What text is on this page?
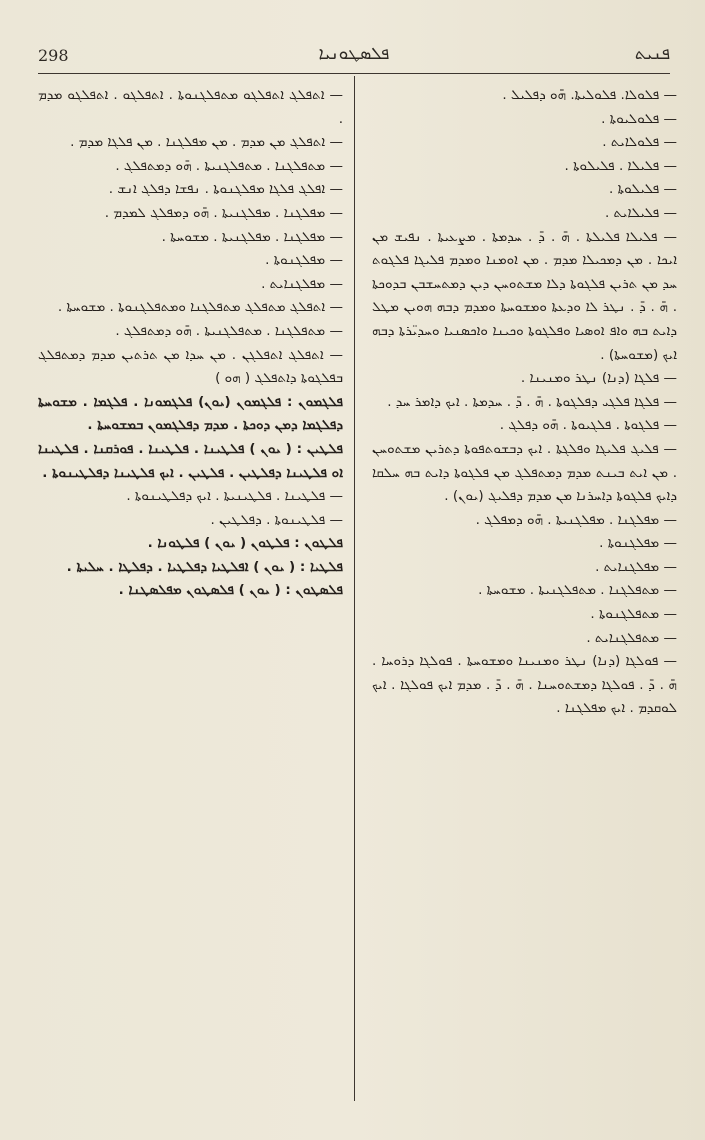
298	ܦܠܣܛܘܢܝܐ	ܦܢܝܬ

— ܦܠܘܠܐ. ܦܠܘܠܝܬܐ. ܗ̄ܘ ܕܦܠܝܠ .

— ܦܠܘܠܝܘܬܐ .

— ܦܠܘܠܐܝܬ .

— ܦܠܝܠܐ . ܦܠܝܠܘܬܐ .

— ܦܠܝܠܘܬܐ .

— ܦܠܝܠܐܝܬ .

— ܦܠܝܠܐ ܦܠܝܠܬܐ . ܗ̄ . ܕ̄ . ܚܕܡܬܐ . ܡܨܥܝܬܐ . ܢܦܝܫ ܡܢ ܐܝܟܐ . ܡܢ ܕܡܟܝܠܐ ܡܕܡ . ܡܢ ܐܘܡܢܐ ܘܡܕܡ ܦܠܝܓܐ ܦܠܓܘܬ ܚܕ ܡܢ ܬܪܝܢ ܦܠܓܘܬܐ ܕܠܐ ܡܫܬܘܚܢ ܕܝܢ ܕܡܬܚܫܒܢ ܒܕܘܟܬܐ . ܗ̄ . ܕ̄ . ܢܛܪ ܠܐ ܘܕܥܬܐ ܘܡܫܘܚܬܐ ܘܡܕܡ ܕܒܗ ܗܘܝܢ ܡܛܠ ܕܐܝܬ ܒܗ ܘܐܦ ܐܘܣܝܐ ܘܦܠܓܘܬܐ ܘܟܝܢܐ ܘܐܟܣܢܝܐ ܘܚܕܝ̈ܪܬܐ ܕܒܗ ܐܝܟ (ܡܫܘܚܬܐ) .

— ܦܠܓܐ (ܕܢܐ) ܢܛܪ ܘܡܢܝܢܐ .

— ܦܠܓܐ ܦܠܓܝ ܕܦܠܓܘܬܐ . ܗ̄ . ܕ̄ . ܚܕܡܬܐ . ܐܝܟ ܕܐܡܪ ܚܕ .

— ܦܠܓܘܬܐ . ܦܠܓܝܘܬܐ . ܗ̄ܘ ܕܦܠܓ .

— ܦܠܝܓ ܦܠܝܓܐ ܘܦܠܓܬܐ . ܐܝܟ ܕܒܫܘܬܦܘܬܐ ܕܬܪܝܢ ܡܫܬܘܚܢ . ܡܢ ܐܝܬ ܒܝܢܬ ܡܕܡ ܕܡܬܦܠܓ ܡܢ ܦܠܓܘܬܐ ܕܐܝܬ ܒܗ ܚܠܩܐ ܕܐܝܟ ܦܠܓܘܬܐ ܕܐܚܪܢܐ ܡܢ ܡܕܡ ܕܦܠܝܓ (ܝܘܢ) .

— ܡܦܠܓܢܐ . ܡܦܠܓܢܝܬܐ . ܗ̄ܘ ܕܡܦܠܓ .

— ܡܦܠܓܢܘܬܐ .

— ܡܦܠܓܢܐܝܬ .

— ܡܬܦܠܓܢܐ . ܡܬܦܠܓܢܝܬܐ . ܡܫܘܚܬܐ .

— ܡܬܦܠܓܢܘܬܐ .

— ܡܬܦܠܓܢܐܝܬ .

— ܦܘܠܓܐ (ܕܢܐ) ܢܛܪ ܘܡܢܝܢܐ ܘܡܫܘܚܬܐ . ܦܘܠܓܐ ܕܪܘܚܐ . ܗ̄ . ܕ̄ . ܦܘܠܓܐ ܕܡܫܬܘܚܢܐ . ܗ̄ . ܕ̄ . ܡܕܡ ܐܝܟ ܦܘܠܓܐ . ܐܝܟ ܠܘܩܕܡ . ܐܝܟ ܡܦܠܓܢܐ .

— ܐܬܦܠܓ ܐܬܦܠܓܘ ܡܬܦܠܓܢܘܬܐ . ܐܬܦܠܓܘ . ܐܬܦܠܓܘ ܡܕܡ .

— ܐܬܦܠܓ ܡܢ ܡܕܡ . ܡܢ ܡܦܠܓܢܐ . ܡܢ ܦܠܓܐ ܡܕܡ .

— ܡܬܦܠܓܢܐ . ܡܬܦܠܓܢܝܬܐ . ܗ̄ܘ ܕܡܬܦܠܓ .

— ܐܦܠܓ ܦܠܓܐ ܡܦܠܓܢܘܬܐ . ܢܦܫܐ ܕܦܠܓ ܐܢܫ .

— ܡܦܠܓܢܐ . ܡܦܠܓܢܝܬܐ . ܗ̄ܘ ܕܡܦܠܓ ܠܡܕܡ .

— ܡܦܠܓܢܐ . ܡܦܠܓܢܝܬܐ . ܡܫܘܚܬܐ .

— ܡܦܠܓܢܘܬܐ .

— ܡܦܠܓܢܐܝܬ .

— ܐܬܦܠܓ ܡܬܦܠܓ ܡܬܦܠܓܢܐ ܘܡܬܦܠܓܢܘܬܐ . ܡܫܘܚܬܐ .

— ܡܬܦܠܓܢܐ . ܡܬܦܠܓܢܝܬܐ . ܗ̄ܘ ܕܡܬܦܠܓ .

— ܐܬܦܠܓ ܐܬܦܠܓܢ . ܡܢ ܚܕܐ ܡܢ ܬܪܬܝܢ ܡܕܡ ܕܡܬܦܠܓ ܒܦܠܓܘܬܐ ܕܐܬܦܠܓ ( ܗܘ )

ܦܠܓܡܘܢ : ܦܠܓܡܘܢ (ܝܘܢ) ܦܠܓܡܘܢܐ . ܦܠܓܡܐ . ܡܫܘܚܬܐ ܕܦܠܓܡܐ ܕܡܢ ܕܘܟܬܐ . ܡܕܡ ܕܦܠܓܡܘܢ ܒܡܫܘܚܬܐ .

ܦܠܛܝܢ : ( ܝܘܢ ) ܦܠܛܝܢܐ . ܦܠܛܝܢܐ . ܦܘܪܩܢܐ . ܦܠܛܝܢܐ ܐܘ ܦܠܛܝܢܐ ܕܦܠܛܝܢ . ܦܠܛܝܢ . ܐܝܟ ܦܠܛܝܢܐ ܕܦܠܛܝܢܘܬܐ .

— ܦܠܛܝܢܐ . ܦܠܛܝܢܝܬܐ . ܐܝܟ ܕܦܠܛܝܢܘܬܐ .

— ܦܠܛܝܢܘܬܐ . ܕܦܠܛܝܢ .

ܦܠܛܘܢ : ܦܠܛܘܢ ( ܝܘܢ ) ܦܠܛܘܢܐ .

ܦܠܛܝܐ : ( ܝܘܢ ) ܐܦܠܛܝܐ ܕܦܠܛܝܐ . ܕܦܠܛܐ . ܚܠܝܬܐ .

ܦܠܣܛܘܢ : ( ܝܘܢ ) ܦܠܣܛܘܢ ܡܦܠܣܛܢܐ .
